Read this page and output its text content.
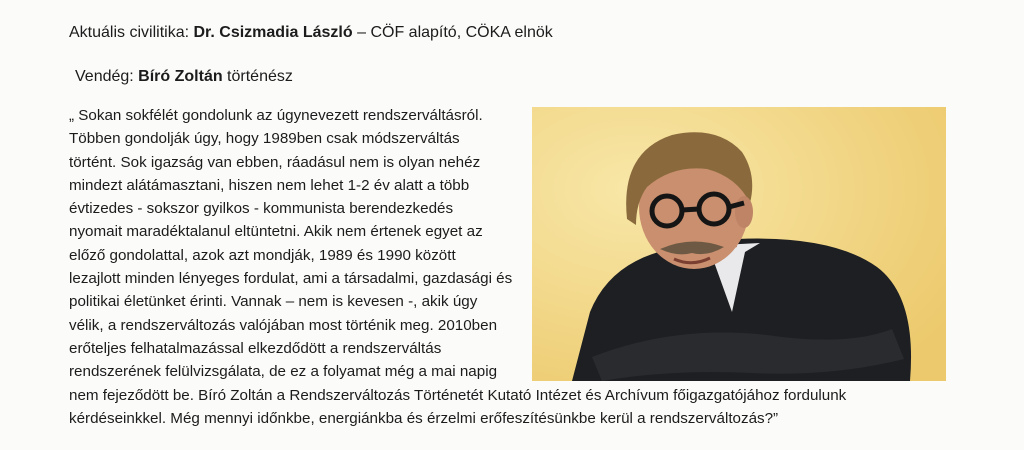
Aktuális civilitika: Dr. Csizmadia László – CÖF alapító, CÖKA elnök
Vendég: Bíró Zoltán történész
„ Sokan sokfélét gondolunk az úgynevezett rendszerváltásról.
Többen gondolják úgy, hogy 1989ben csak módszerváltás
történt. Sok igazság van ebben, ráadásul nem is olyan nehéz
mindezt alátámasztani, hiszen nem lehet 1-2 év alatt a több
évtizedes - sokszor gyilkos - kommunista berendezkedés
nyomait maradéktalanul eltüntetni. Akik nem értenek egyet az
előző gondolattal, azok azt mondják, 1989 és 1990 között
lezajlott minden lényeges fordulat, ami a társadalmi, gazdasági és
politikai életünket érinti. Vannak – nem is kevesen -, akik úgy
vélik, a rendszerváltozás valójában most történik meg. 2010ben
erőteljes felhatalmazással elkezdődött a rendszerváltás
rendszerének felülvizsgálata, de ez a folyamat még a mai napig
nem fejeződött be. Bíró Zoltán a Rendszerváltozás Történetét Kutató Intézet és Archívum főigazgatójához fordulunk
kérdéseinkkel. Még mennyi időnkbe, energiánkba és érzelmi erőfeszítésünkbe kerül a rendszerváltozás?”
